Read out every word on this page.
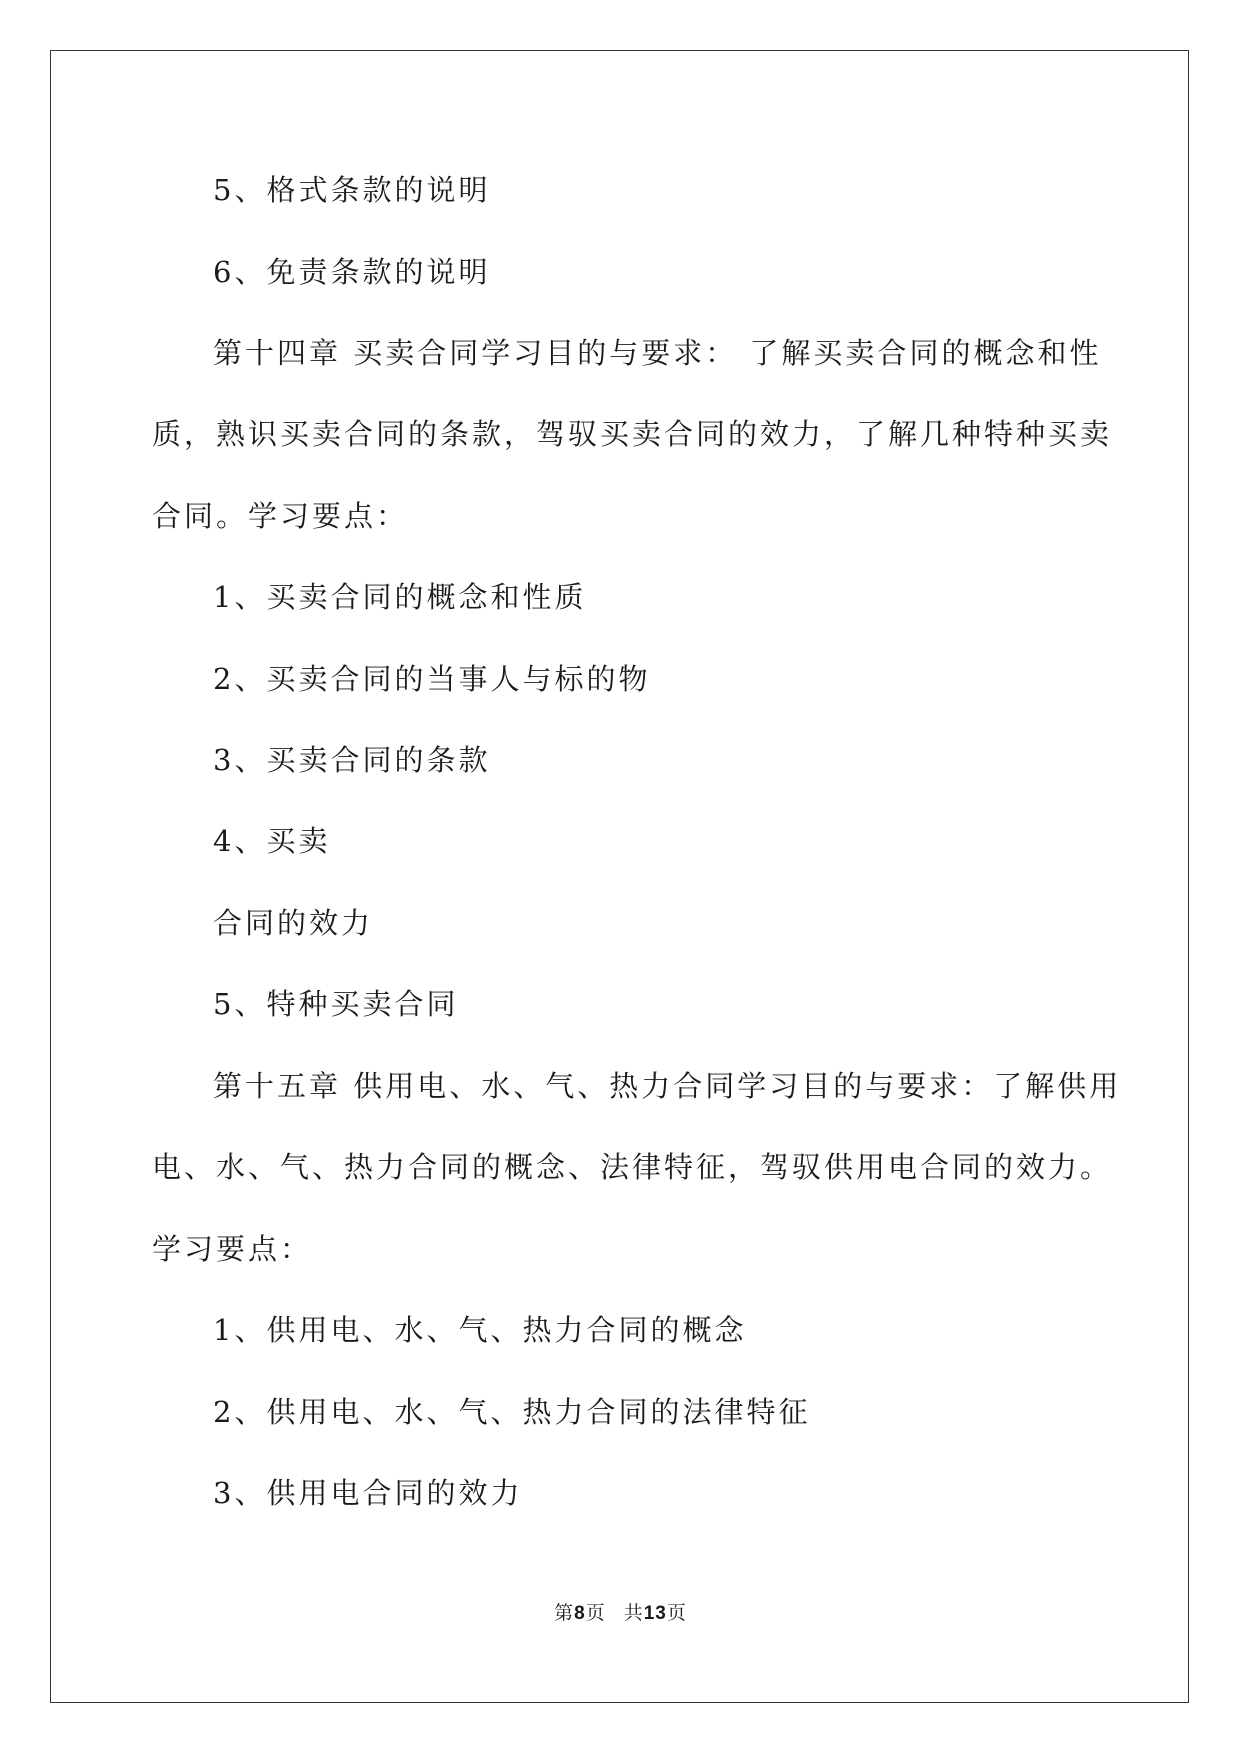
5、格式条款的说明

6、免责条款的说明

第十四章 买卖合同学习目的与要求： 了解买卖合同的概念和性

质，熟识买卖合同的条款，驾驭买卖合同的效力，了解几种特种买卖

合同。学习要点：

1、买卖合同的概念和性质

2、买卖合同的当事人与标的物

3、买卖合同的条款

4、买卖

合同的效力

5、特种买卖合同

第十五章 供用电、水、气、热力合同学习目的与要求：了解供用

电、水、气、热力合同的概念、法律特征，驾驭供用电合同的效力。

学习要点：

1、供用电、水、气、热力合同的概念

2、供用电、水、气、热力合同的法律特征

3、供用电合同的效力

第8页 共13页
